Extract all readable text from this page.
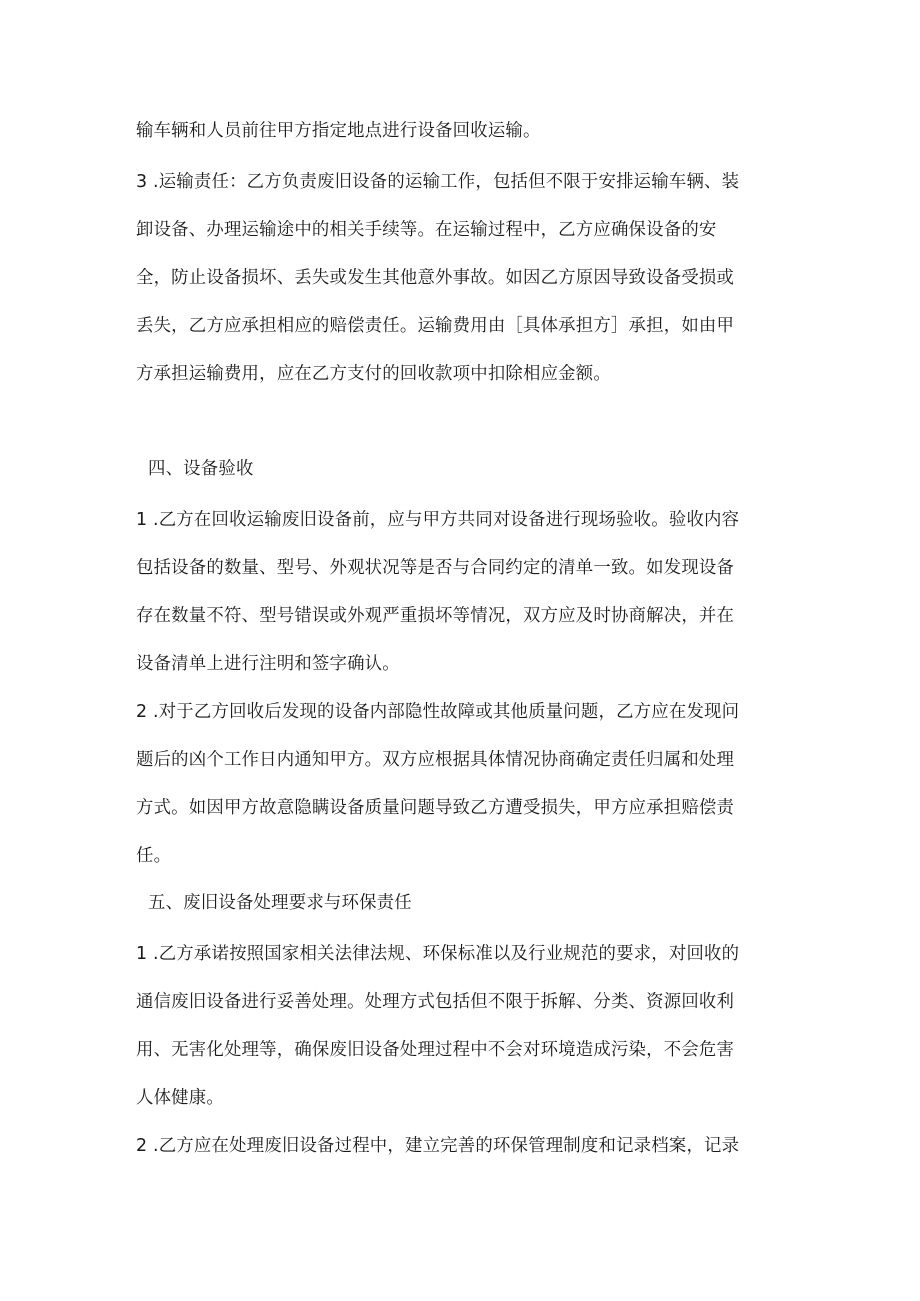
输车辆和人员前往甲方指定地点进行设备回收运输。
3 .运输责任：乙方负责废旧设备的运输工作，包括但不限于安排运输车辆、装
卸设备、办理运输途中的相关手续等。在运输过程中，乙方应确保设备的安
全，防止设备损坏、丢失或发生其他意外事故。如因乙方原因导致设备受损或
丢失，乙方应承担相应的赔偿责任。运输费用由［具体承担方］承担，如由甲
方承担运输费用，应在乙方支付的回收款项中扣除相应金额。
四、设备验收
1 .乙方在回收运输废旧设备前，应与甲方共同对设备进行现场验收。验收内容
包括设备的数量、型号、外观状况等是否与合同约定的清单一致。如发现设备
存在数量不符、型号错误或外观严重损坏等情况，双方应及时协商解决，并在
设备清单上进行注明和签字确认。
2 .对于乙方回收后发现的设备内部隐性故障或其他质量问题，乙方应在发现问
题后的凶个工作日内通知甲方。双方应根据具体情况协商确定责任归属和处理
方式。如因甲方故意隐瞒设备质量问题导致乙方遭受损失，甲方应承担赔偿责
任。
五、废旧设备处理要求与环保责任
1 .乙方承诺按照国家相关法律法规、环保标准以及行业规范的要求，对回收的
通信废旧设备进行妥善处理。处理方式包括但不限于拆解、分类、资源回收利
用、无害化处理等，确保废旧设备处理过程中不会对环境造成污染，不会危害
人体健康。
2 .乙方应在处理废旧设备过程中，建立完善的环保管理制度和记录档案，记录
